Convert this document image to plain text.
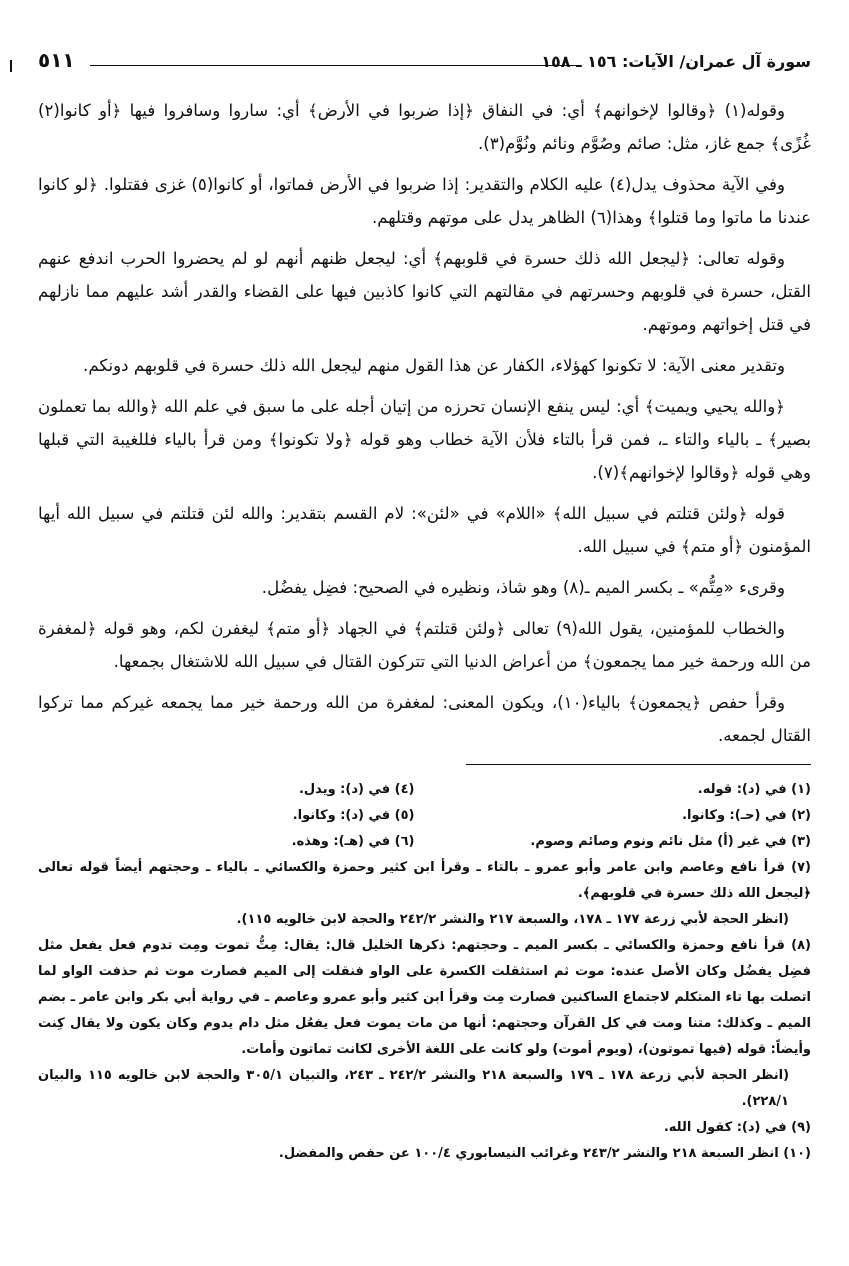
سورة آل عمران/ الآيات: ١٥٦ ـ ١٥٨
٥١١

وقوله(١) ﴿وقالوا لإخوانهم﴾ أي: في النفاق ﴿إذا ضربوا في الأرض﴾ أي: ساروا وسافروا فيها ﴿أو كانوا(٢) غُزًى﴾ جمع غاز، مثل: صائم وصُوَّم ونائم ونُوَّم(٣).

وفي الآية محذوف يدل(٤) عليه الكلام والتقدير: إذا ضربوا في الأرض فماتوا، أو كانوا(٥) غزى فقتلوا. ﴿لو كانوا عندنا ما ماتوا وما قتلوا﴾ وهذا(٦) الظاهر يدل على موتهم وقتلهم.

وقوله تعالى: ﴿ليجعل الله ذلك حسرة في قلوبهم﴾ أي: ليجعل ظنهم أنهم لو لم يحضروا الحرب اندفع عنهم القتل، حسرة في قلوبهم وحسرتهم في مقالتهم التي كانوا كاذبين فيها على القضاء والقدر أشد عليهم مما نازلهم في قتل إخواتهم وموتهم.

وتقدير معنى الآية: لا تكونوا كهؤلاء، الكفار عن هذا القول منهم ليجعل الله ذلك حسرة في قلوبهم دونكم.

﴿والله يحيي ويميت﴾ أي: ليس ينفع الإنسان تحرزه من إتيان أجله على ما سبق في علم الله ﴿والله بما تعملون بصير﴾ ـ بالياء والتاء ـ، فمن قرأ بالتاء فلأن الآية خطاب وهو قوله ﴿ولا تكونوا﴾ ومن قرأ بالياء فللغيبة التي قبلها وهي قوله ﴿وقالوا لإخوانهم﴾(٧).

قوله ﴿ولئن قتلتم في سبيل الله﴾ «اللام» في «لئن»: لام القسم بتقدير: والله لئن قتلتم في سبيل الله أيها المؤمنون ﴿أو متم﴾ في سبيل الله.

وقرىء «مِتُّم» ـ بكسر الميم ـ(٨) وهو شاذ، ونظيره في الصحيح: فضِل يفضُل.

والخطاب للمؤمنين، يقول الله(٩) تعالى ﴿ولئن قتلتم﴾ في الجهاد ﴿أو متم﴾ ليغفرن لكم، وهو قوله ﴿لمغفرة من الله ورحمة خير مما يجمعون﴾ من أعراض الدنيا التي تتركون القتال في سبيل الله للاشتغال بجمعها.

وقرأ حفص ﴿يجمعون﴾ بالياء(١٠)، ويكون المعنى: لمغفرة من الله ورحمة خير مما يجمعه غيركم مما تركوا القتال لجمعه.

(١) في (د): قوله.
(٤) في (د): ويدل.
(٢) في (حـ): وكانوا.
(٥) في (د): وكانوا.
(٣) في غير (أ) مثل نائم ونوم وصائم وصوم.
(٦) في (هـ): وهذه.

(٧) قرأ نافع وعاصم وابن عامر وأبو عمرو ـ بالتاء ـ وقرأ ابن كثير وحمزة والكسائي ـ بالياء ـ وحجتهم أيضاً قوله تعالى ﴿ليجعل الله ذلك حسرة في قلوبهم﴾.

(انظر الحجة لأبي زرعة ١٧٧ ـ ١٧٨، والسبعة ٢١٧ والنشر ٢٤٢/٢ والحجة لابن خالويه ١١٥).

(٨) قرأ نافع وحمزة والكسائي ـ بكسر الميم ـ وحجتهم: ذكرها الخليل قال: يقال: مِتُّ تموت ومِت تدوم فعل يفعل مثل فضِل يفضُل وكان الأصل عنده: موت ثم استثقلت الكسرة على الواو فنقلت إلى الميم فصارت موت ثم حذفت الواو لما اتصلت بها تاء المتكلم لاجتماع الساكنين فصارت مِت وقرأ ابن كثير وأبو عمرو وعاصم ـ في رواية أبي بكر وابن عامر ـ بضم الميم ـ وكذلك: متنا ومت في كل القرآن وحجتهم: أنها من مات يموت فعل يفعُل مثل دام يدوم وكان يكون ولا يقال كِنت وأيضاً: قوله (فيها تموتون)، (ويوم أموت) ولو كانت على اللغة الأخرى لكانت تماتون وأمات.

(انظر الحجة لأبي زرعة ١٧٨ ـ ١٧٩ والسبعة ٢١٨ والنشر ٢٤٢/٢ ـ ٢٤٣، والتبيان ٣٠٥/١ والحجة لابن خالويه ١١٥ والبيان ٢٢٨/١).

(٩) في (د): كقول الله.

(١٠) انظر السبعة ٢١٨ والنشر ٢٤٣/٢ وغرائب النيسابوري ١٠٠/٤ عن حفص والمفضل.
